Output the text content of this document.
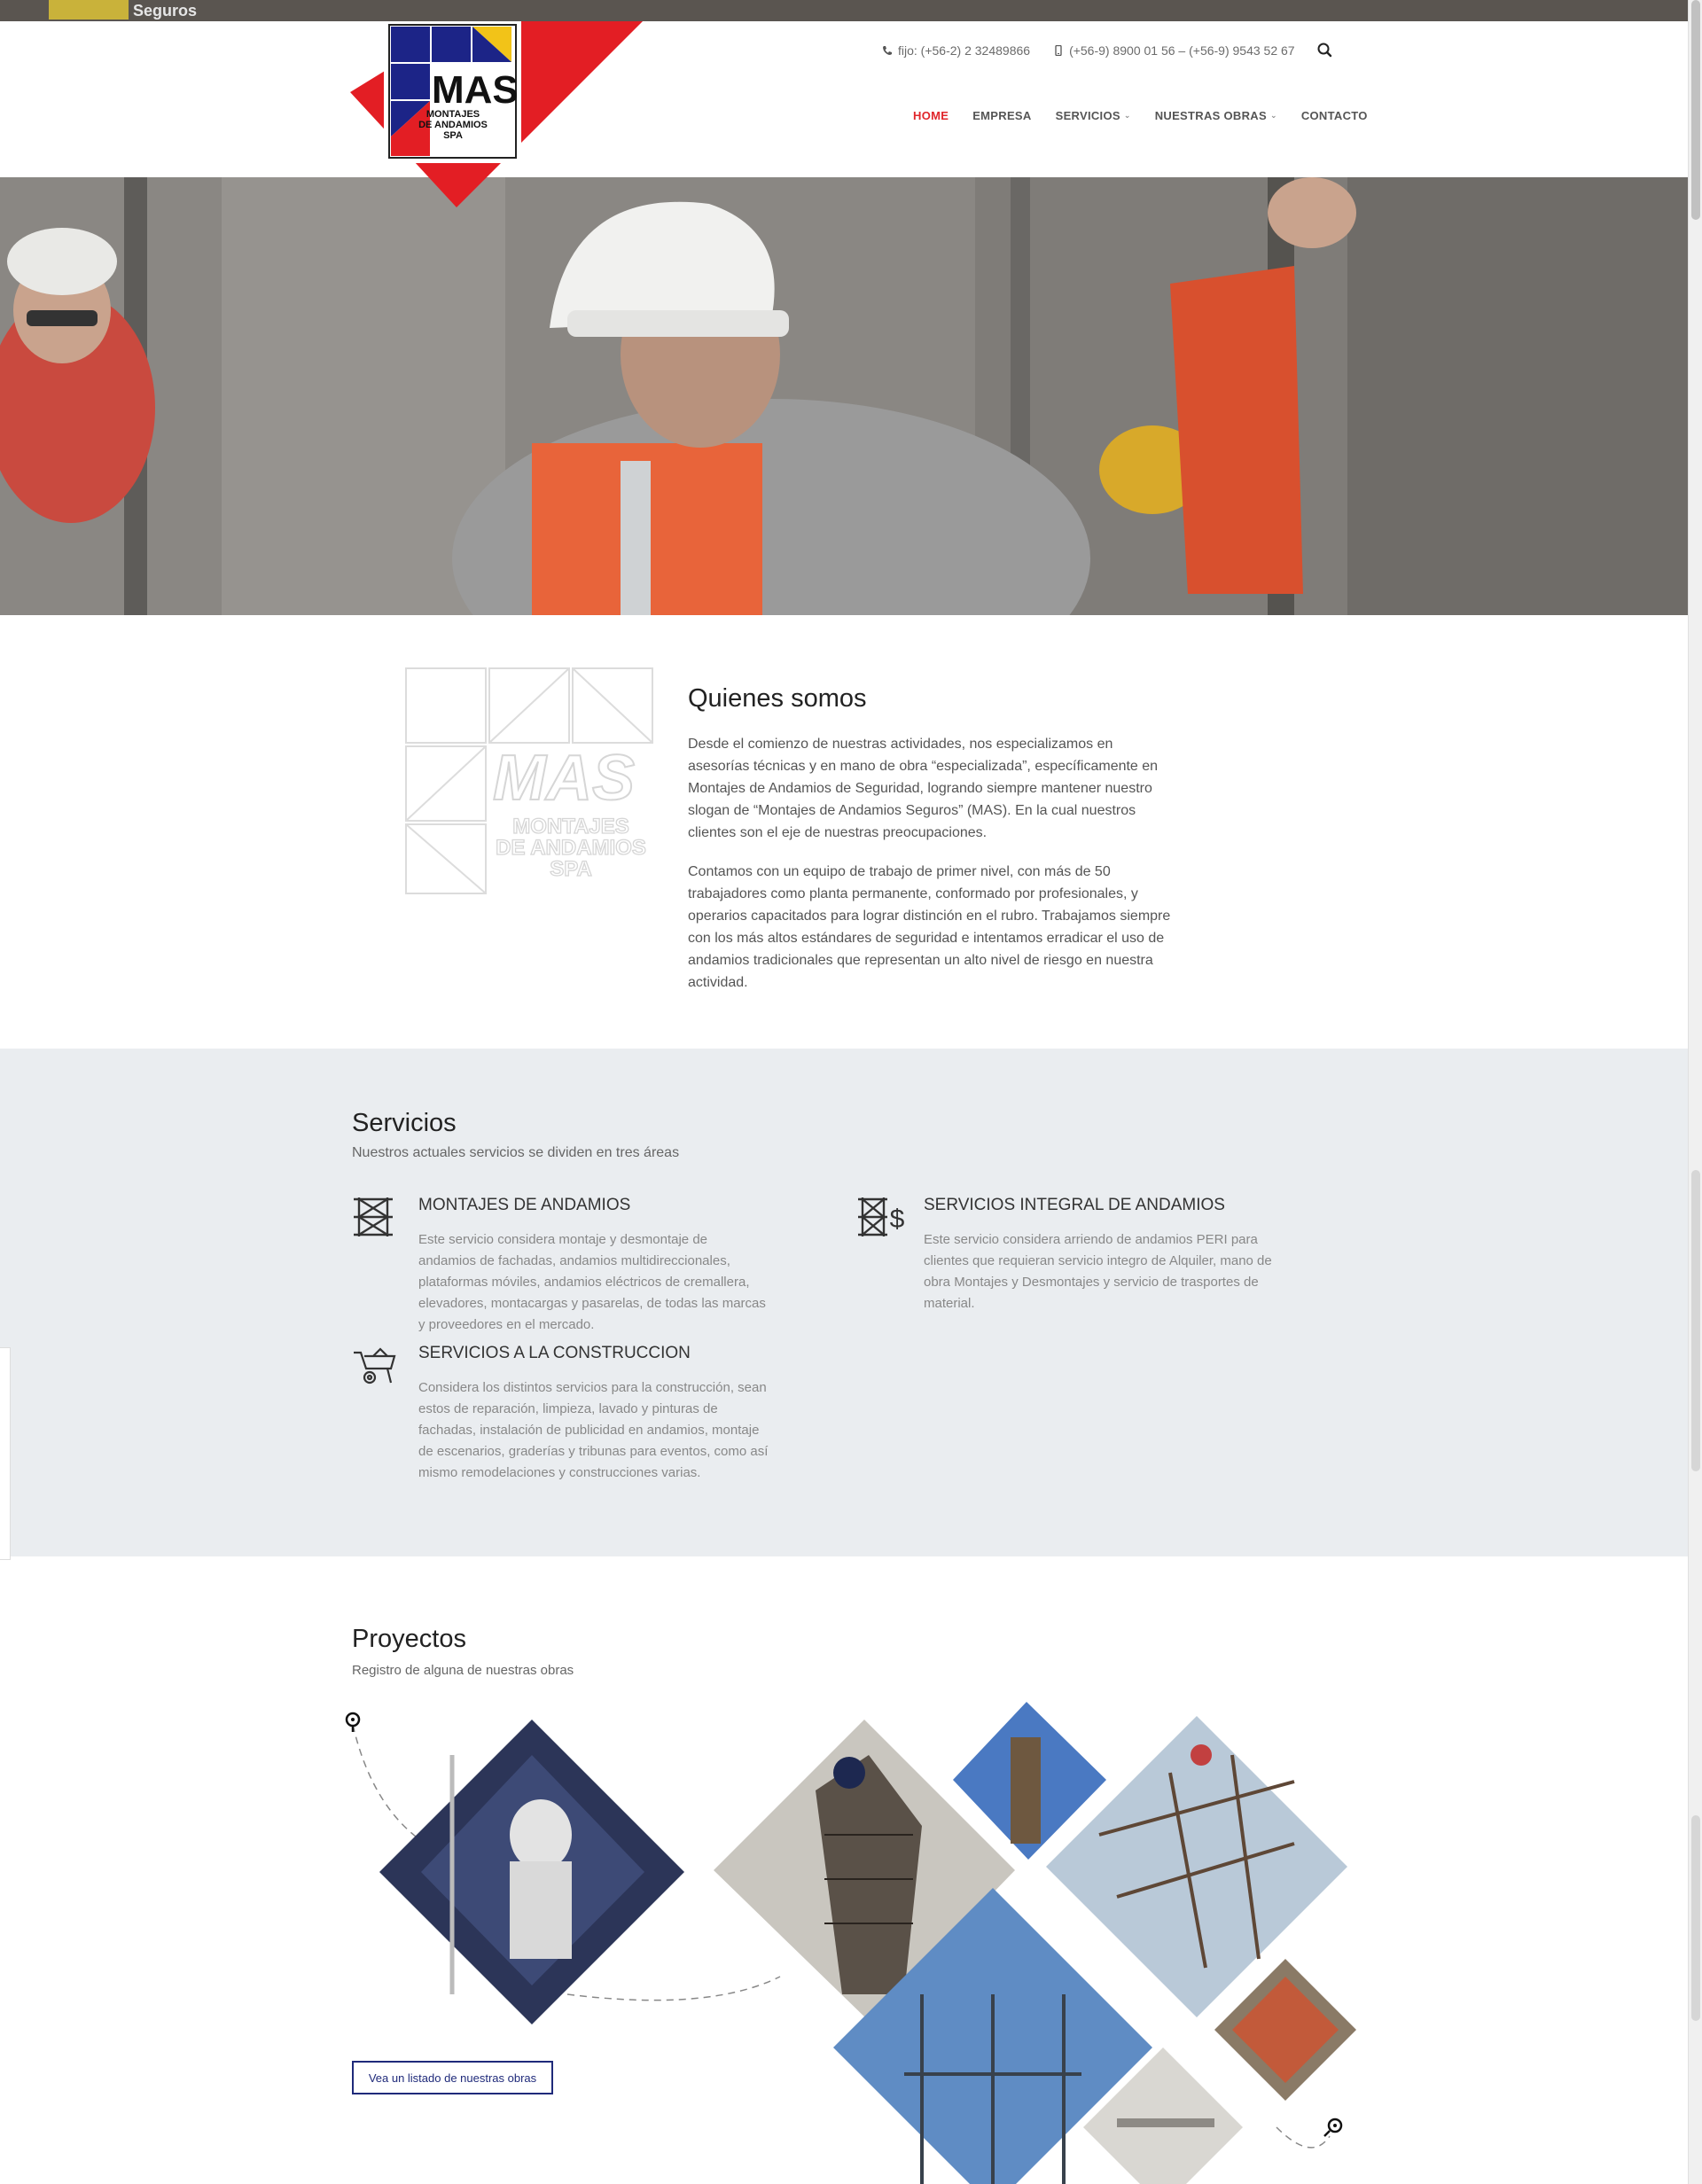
Seguros
MAS
MONTAJES
DE ANDAMIOS
SPA
fijo: (+56-2) 2 32489866	(+56-9) 8900 01 56 – (+56-9) 9543 52 67
HOME EMPRESA SERVICIOS ⌄ NUESTRAS OBRAS ⌄ CONTACTO
MAS
MONTAJES
DE ANDAMIOS
SPA
Quienes somos

Desde el comienzo de nuestras actividades, nos especializamos en asesorías técnicas y en mano de obra “especializada”, específicamente en Montajes de Andamios de Seguridad, logrando siempre mantener nuestro slogan de “Montajes de Andamios Seguros” (MAS). En la cual nuestros clientes son el eje de nuestras preocupaciones.

Contamos con un equipo de trabajo de primer nivel, con más de 50 trabajadores como planta permanente, conformado por profesionales, y operarios capacitados para lograr distinción en el rubro. Trabajamos siempre con los más altos estándares de seguridad e intentamos erradicar el uso de andamios tradicionales que representan un alto nivel de riesgo en nuestra actividad.

Servicios
Nuestros actuales servicios se dividen en tres áreas
MONTAJES DE ANDAMIOS

Este servicio considera montaje y desmontaje de andamios de fachadas, andamios multidireccionales, plataformas móviles, andamios eléctricos de cremallera, elevadores, montacargas y pasarelas, de todas las marcas y proveedores en el mercado.

$ SERVICIOS INTEGRAL DE ANDAMIOS

Este servicio considera arriendo de andamios PERI para clientes que requieran servicio integro de Alquiler, mano de obra Montajes y Desmontajes y servicio de trasportes de material.

SERVICIOS A LA CONSTRUCCION

Considera los distintos servicios para la construcción, sean estos de reparación, limpieza, lavado y pinturas de fachadas, instalación de publicidad en andamios, montaje de escenarios, graderías y tribunas para eventos, como así mismo remodelaciones y construcciones varias.

Proyectos
Registro de alguna de nuestras obras
Vea un listado de nuestras obras
